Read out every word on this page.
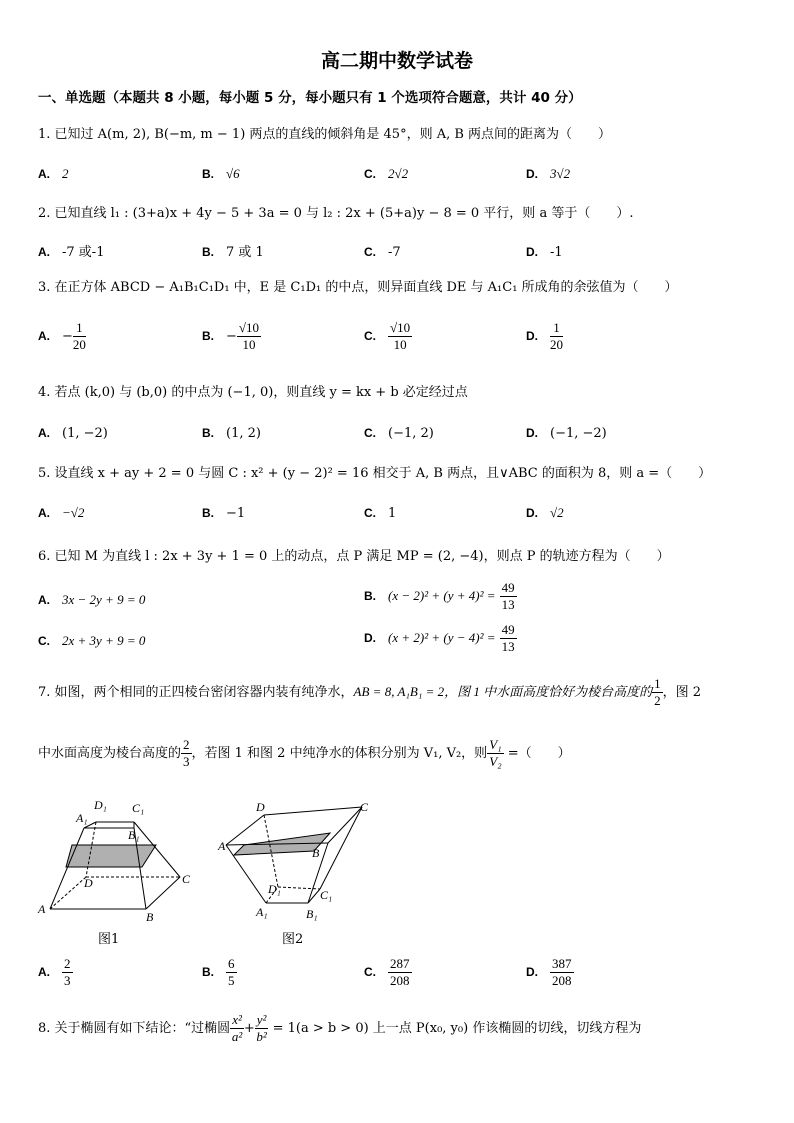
高二期中数学试卷
一、单选题（本题共 8 小题，每小题 5 分，每小题只有 1 个选项符合题意，共计 40 分）
1. 已知过 A(m, 2), B(−m, m − 1) 两点的直线的倾斜角是 45°，则 A, B 两点间的距离为（　　）
A. 2	B. √6	C. 2√2	D. 3√2
2. 已知直线 l₁ : (3+a)x + 4y − 5 + 3a = 0 与 l₂ : 2x + (5+a)y − 8 = 0 平行，则 a 等于（　　）.
A. -7 或-1	B. 7 或 1	C. -7	D. -1
3. 在正方体 ABCD − A₁B₁C₁D₁ 中，E 是 C₁D₁ 的中点，则异面直线 DE 与 A₁C₁ 所成角的余弦值为（　　）
A. − $\frac{1}{20}$	B. − $\frac{√10}{10}$	C. $\frac{√10}{10}$	D. $\frac{1}{20}$
4. 若点 (k,0) 与 (b,0) 的中点为 (−1, 0)，则直线 y = kx + b 必定经过点
A. (1, −2)	B. (1, 2)	C. (−1, 2)	D. (−1, −2)
5. 设直线 x + ay + 2 = 0 与圆 C : x² + (y − 2)² = 16 相交于 A, B 两点，且∨ABC 的面积为 8，则 a =（　　）
A. −√2	B. −1	C. 1	D. √2
6. 已知 M 为直线 l : 2x + 3y + 1 = 0 上的动点，点 P 满足 MP = (2, −4)，则点 P 的轨迹方程为（　　）
A. 3x − 2y + 9 = 0	B. $(x - 2)^2 + (y + 4)^2 = \frac{49}{13}$
C. 2x + 3y + 9 = 0	D. $(x + 2)^2 + (y - 4)^2 = \frac{49}{13}$
7. 如图，两个相同的正四棱台密闭容器内装有纯净水，AB = 8, A₁B₁ = 2，图 1 中水面高度恰好为棱台高度的 $\frac{1}{2}$ ，图 2
中水面高度为棱台高度的 $\frac{2}{3}$ ，若图 1 和图 2 中纯净水的体积分别为 V₁, V₂，则 $\frac{\text{V₁}}{\text{V₂}}$ =（　　）
D₁ C₁
A₁
B₁
D	C
A
B
图1
D	C
A	B
D₁	C₁
A₁	B₁
图2
A. $\frac{2}{3}$	B. $\frac{6}{5}$	C. $\frac{287}{208}$	D. $\frac{387}{208}$
8. 关于椭圆有如下结论：“过椭圆 $\frac{\text{x²}}{\text{a²}} + \frac{\text{y²}}{\text{b²}} = 1(a > b > 0)$ 上一点 P(x₀, y₀) 作该椭圆的切线，切线方程为
